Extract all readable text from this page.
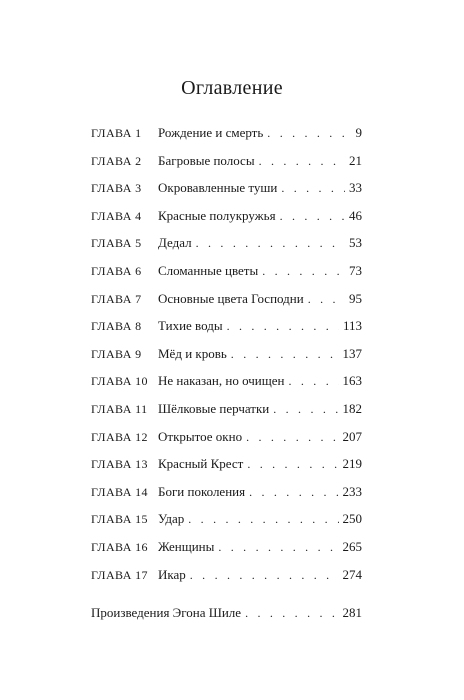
Оглавление
ГЛАВА 1	Рождение и смерть . . .	9
ГЛАВА 2	Багровые полосы . . .	21
ГЛАВА 3	Окровавленные туши . . .	33
ГЛАВА 4	Красные полукружья . . .	46
ГЛАВА 5	Дедал . . .	53
ГЛАВА 6	Сломанные цветы . . .	73
ГЛАВА 7	Основные цвета Господни . . .	95
ГЛАВА 8	Тихие воды . . .	113
ГЛАВА 9	Мёд и кровь . . .	137
ГЛАВА 10 Не наказан, но очищен . . .	163
ГЛАВА 11 Шёлковые перчатки . . .	182
ГЛАВА 12 Открытое окно . . .	207
ГЛАВА 13 Красный Крест . . .	219
ГЛАВА 14 Боги поколения . . .	233
ГЛАВА 15 Удар . . .	250
ГЛАВА 16 Женщины . . .	265
ГЛАВА 17 Икар . . .	274
Произведения Эгона Шиле . . .	281
